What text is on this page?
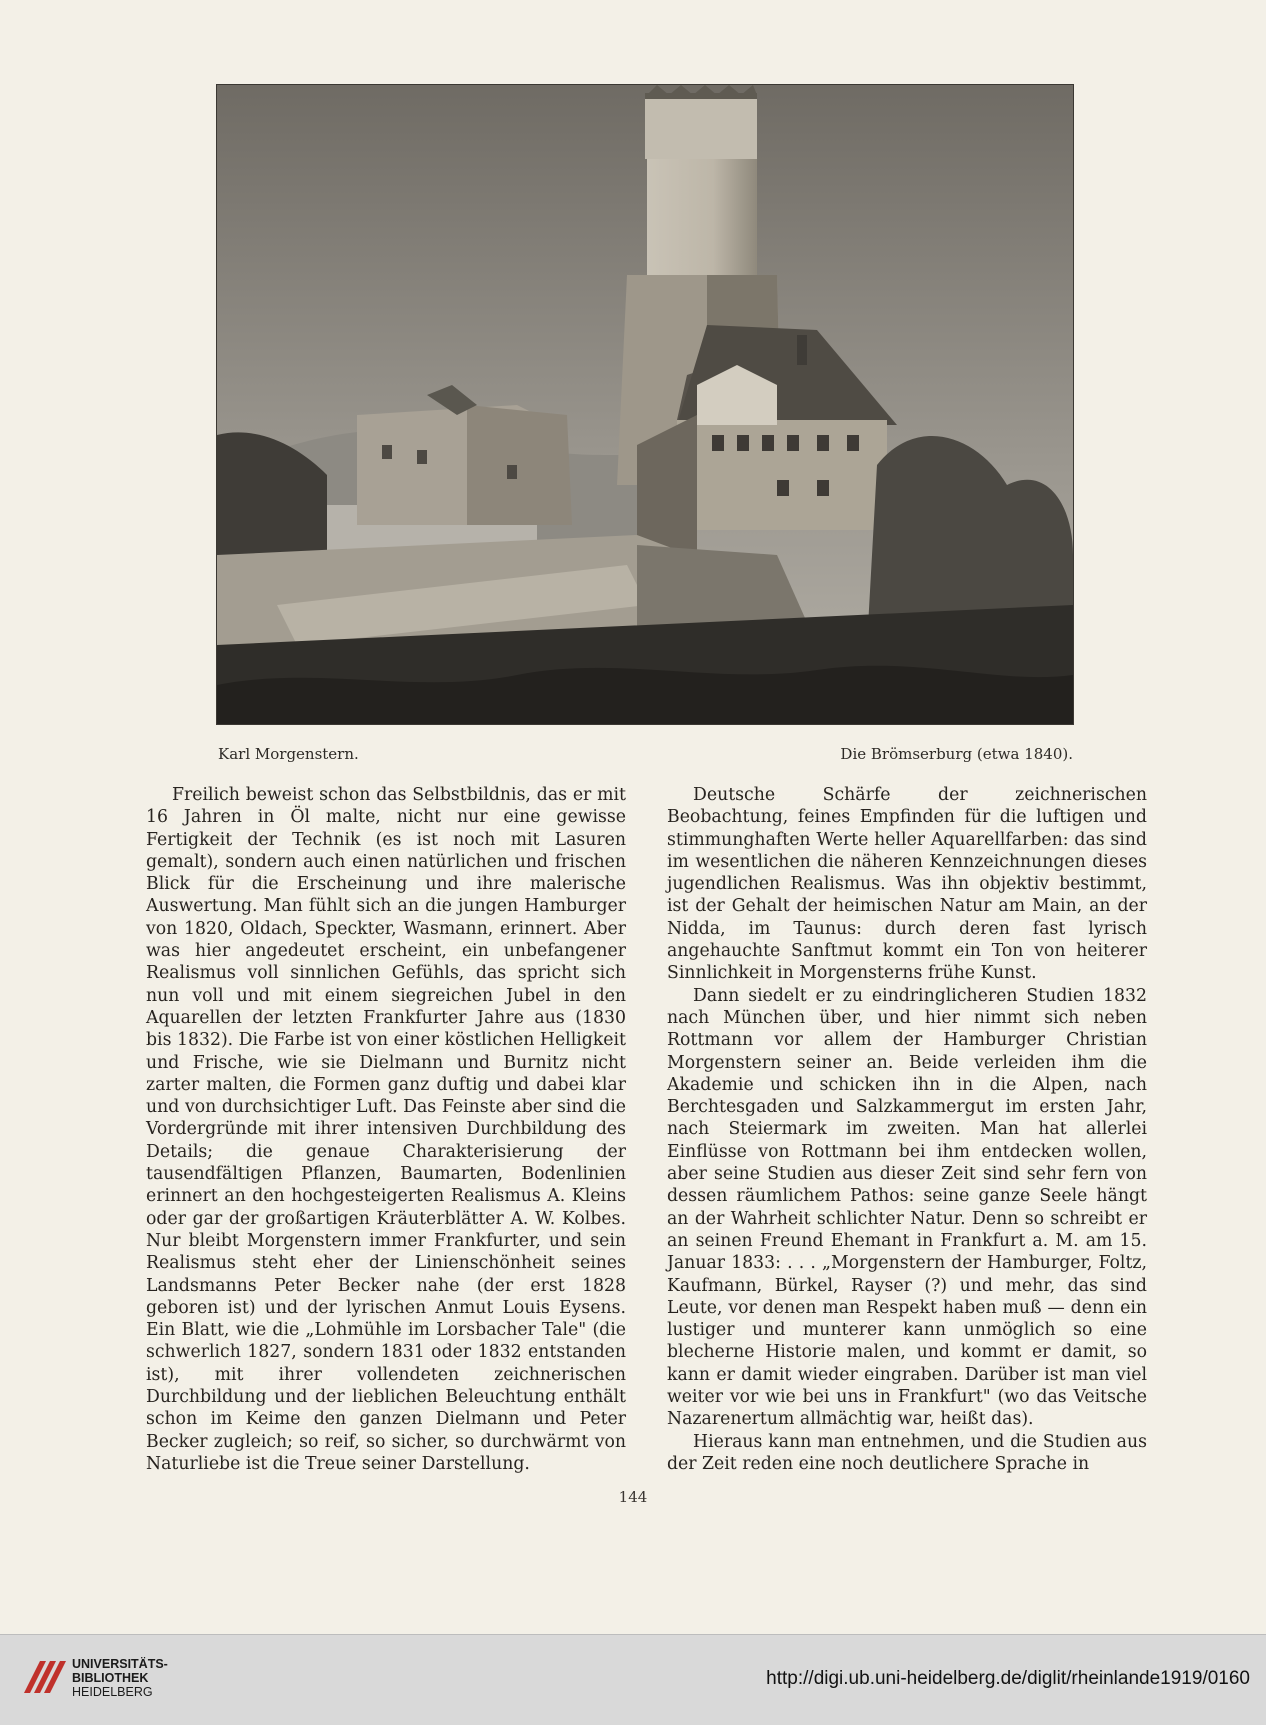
Karl Morgenstern.	Die Brömserburg (etwa 1840).

Freilich beweist schon das Selbstbildnis, das er mit 16 Jahren in Öl malte, nicht nur eine gewisse Fertigkeit der Technik (es ist noch mit Lasuren gemalt), sondern auch einen natürlichen und frischen Blick für die Erscheinung und ihre malerische Auswertung. Man fühlt sich an die jungen Hamburger von 1820, Oldach, Speckter, Wasmann, erinnert. Aber was hier angedeutet erscheint, ein unbefangener Realismus voll sinnlichen Gefühls, das spricht sich nun voll und mit einem siegreichen Jubel in den Aquarellen der letzten Frankfurter Jahre aus (1830 bis 1832). Die Farbe ist von einer köstlichen Helligkeit und Frische, wie sie Dielmann und Burnitz nicht zarter malten, die Formen ganz duftig und dabei klar und von durchsichtiger Luft. Das Feinste aber sind die Vordergründe mit ihrer intensiven Durchbildung des Details; die genaue Charakterisierung der tausendfältigen Pflanzen, Baumarten, Bodenlinien erinnert an den hochgesteigerten Realismus A. Kleins oder gar der großartigen Kräuterblätter A. W. Kolbes. Nur bleibt Morgenstern immer Frankfurter, und sein Realismus steht eher der Linienschönheit seines Landsmanns Peter Becker nahe (der erst 1828 geboren ist) und der lyrischen Anmut Louis Eysens. Ein Blatt, wie die „Lohmühle im Lorsbacher Tale" (die schwerlich 1827, sondern 1831 oder 1832 entstanden ist), mit ihrer vollendeten zeichnerischen Durchbildung und der lieblichen Beleuchtung enthält schon im Keime den ganzen Dielmann und Peter Becker zugleich; so reif, so sicher, so durchwärmt von Naturliebe ist die Treue seiner Darstellung.

Deutsche Schärfe der zeichnerischen Beobachtung, feines Empfinden für die luftigen und stimmunghaften Werte heller Aquarellfarben: das sind im wesentlichen die näheren Kennzeichnungen dieses jugendlichen Realismus. Was ihn objektiv bestimmt, ist der Gehalt der heimischen Natur am Main, an der Nidda, im Taunus: durch deren fast lyrisch angehauchte Sanftmut kommt ein Ton von heiterer Sinnlichkeit in Morgensterns frühe Kunst.

Dann siedelt er zu eindringlicheren Studien 1832 nach München über, und hier nimmt sich neben Rottmann vor allem der Hamburger Christian Morgenstern seiner an. Beide verleiden ihm die Akademie und schicken ihn in die Alpen, nach Berchtesgaden und Salzkammergut im ersten Jahr, nach Steiermark im zweiten. Man hat allerlei Einflüsse von Rottmann bei ihm entdecken wollen, aber seine Studien aus dieser Zeit sind sehr fern von dessen räumlichem Pathos: seine ganze Seele hängt an der Wahrheit schlichter Natur. Denn so schreibt er an seinen Freund Ehemant in Frankfurt a. M. am 15. Januar 1833: . . . „Morgenstern der Hamburger, Foltz, Kaufmann, Bürkel, Rayser (?) und mehr, das sind Leute, vor denen man Respekt haben muß — denn ein lustiger und munterer kann unmöglich so eine blecherne Historie malen, und kommt er damit, so kann er damit wieder eingraben. Darüber ist man viel weiter vor wie bei uns in Frankfurt" (wo das Veitsche Nazarenertum allmächtig war, heißt das).

Hieraus kann man entnehmen, und die Studien aus der Zeit reden eine noch deutlichere Sprache in

144
UNIVERSITÄTS-
BIBLIOTHEK
HEIDELBERG
http://digi.ub.uni-heidelberg.de/diglit/rheinlande1919/0160
